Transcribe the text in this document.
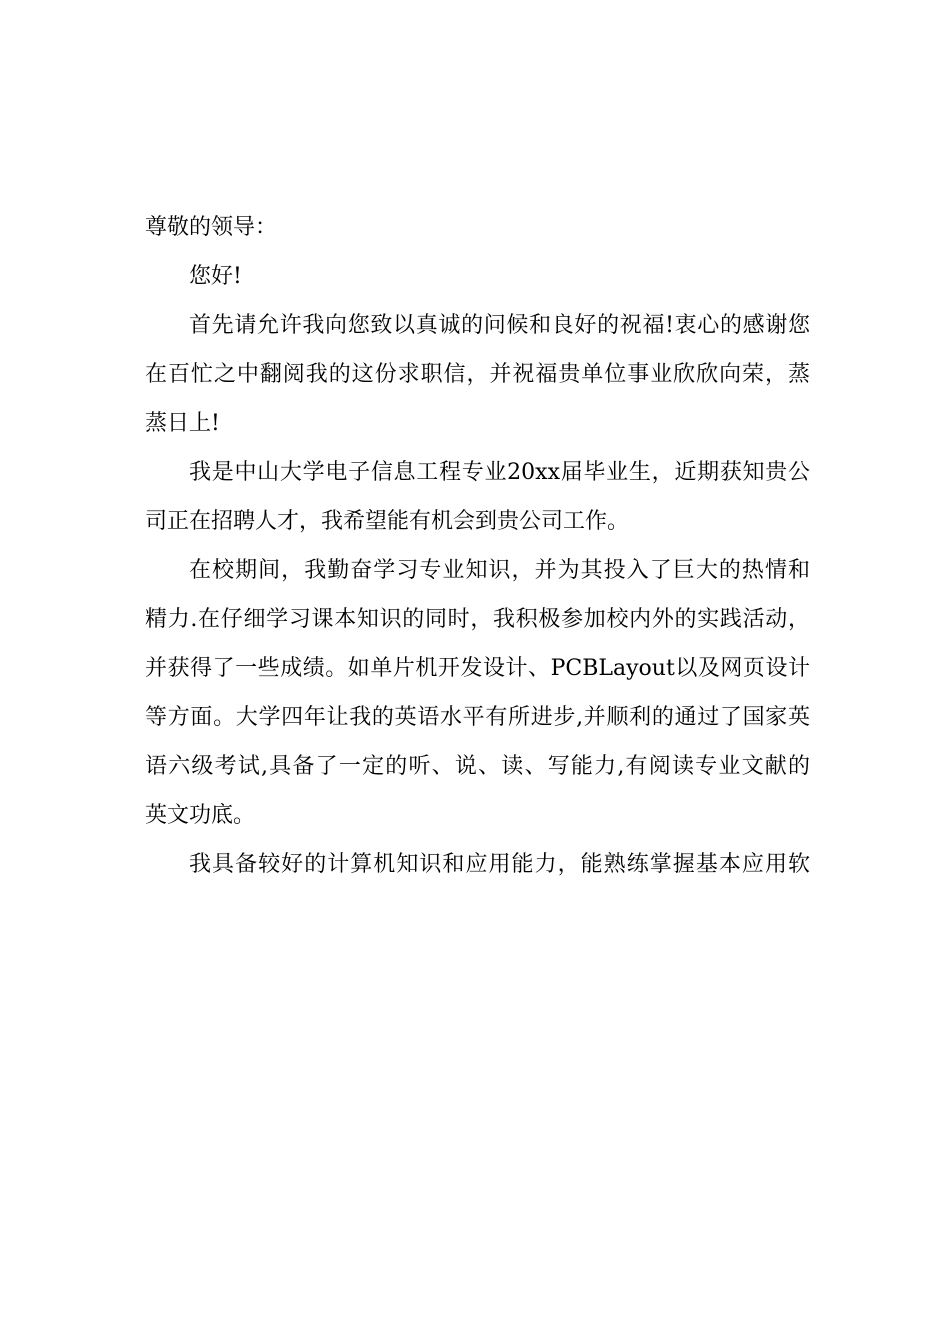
尊敬的领导：
您好!
首先请允许我向您致以真诚的问候和良好的祝福!衷心的感谢您
在百忙之中翻阅我的这份求职信，并祝福贵单位事业欣欣向荣，蒸
蒸日上!
我是中山大学电子信息工程专业20xx届毕业生，近期获知贵公
司正在招聘人才，我希望能有机会到贵公司工作。
在校期间，我勤奋学习专业知识，并为其投入了巨大的热情和
精力.在仔细学习课本知识的同时，我积极参加校内外的实践活动，
并获得了一些成绩。如单片机开发设计、PCBLayout以及网页设计
等方面。大学四年让我的英语水平有所进步,并顺利的通过了国家英
语六级考试,具备了一定的听、说、读、写能力,有阅读专业文献的
英文功底。
我具备较好的计算机知识和应用能力，能熟练掌握基本应用软
